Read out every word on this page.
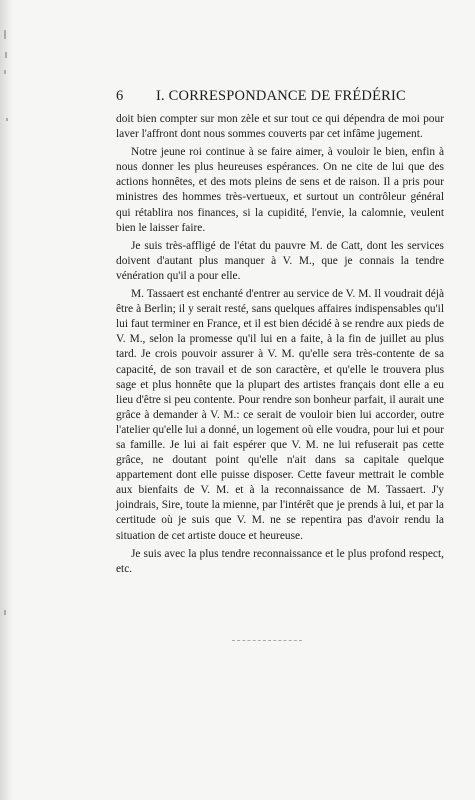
6 I. CORRESPONDANCE DE FRÉDÉRIC

doit bien compter sur mon zèle et sur tout ce qui dépendra de moi pour laver l'affront dont nous sommes couverts par cet infâme jugement.

Notre jeune roi continue à se faire aimer, à vouloir le bien, enfin à nous donner les plus heureuses espérances. On ne cite de lui que des actions honnêtes, et des mots pleins de sens et de raison. Il a pris pour ministres des hommes très-vertueux, et surtout un contrôleur général qui rétablira nos finances, si la cupidité, l'envie, la calomnie, veulent bien le laisser faire.

Je suis très-affligé de l'état du pauvre M. de Catt, dont les services doivent d'autant plus manquer à V. M., que je connais la tendre vénération qu'il a pour elle.

M. Tassaert est enchanté d'entrer au service de V. M. Il voudrait déjà être à Berlin; il y serait resté, sans quelques affaires indispensables qu'il lui faut terminer en France, et il est bien décidé à se rendre aux pieds de V. M., selon la promesse qu'il lui en a faite, à la fin de juillet au plus tard. Je crois pouvoir assurer à V. M. qu'elle sera très-contente de sa capacité, de son travail et de son caractère, et qu'elle le trouvera plus sage et plus honnête que la plupart des artistes français dont elle a eu lieu d'être si peu contente. Pour rendre son bonheur parfait, il aurait une grâce à demander à V. M.: ce serait de vouloir bien lui accorder, outre l'atelier qu'elle lui a donné, un logement où elle voudra, pour lui et pour sa famille. Je lui ai fait espérer que V. M. ne lui refuserait pas cette grâce, ne doutant point qu'elle n'ait dans sa capitale quelque appartement dont elle puisse disposer. Cette faveur mettrait le comble aux bienfaits de V. M. et à la reconnaissance de M. Tassaert. J'y joindrais, Sire, toute la mienne, par l'intérêt que je prends à lui, et par la certitude où je suis que V. M. ne se repentira pas d'avoir rendu la situation de cet artiste douce et heureuse.

Je suis avec la plus tendre reconnaissance et le plus profond respect, etc.
